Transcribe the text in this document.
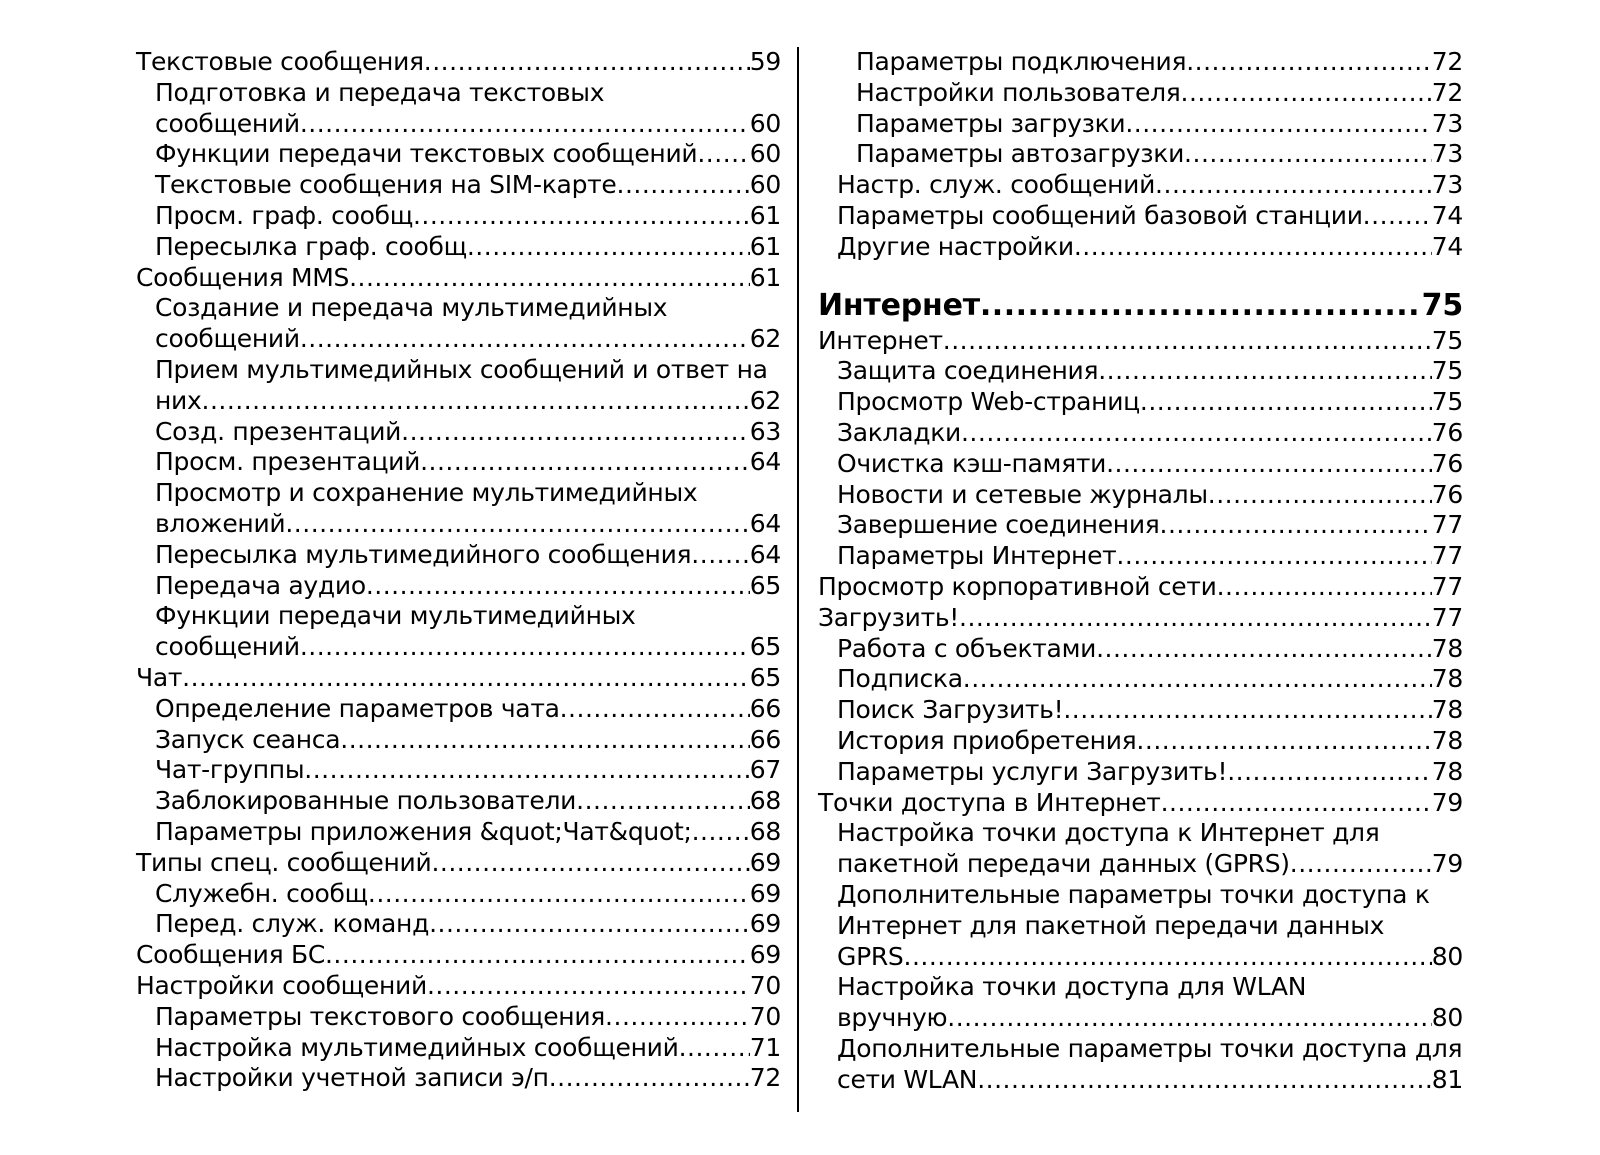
Текстовые сообщения .....	59
Подготовка и передача текстовых
сообщений .....	60
Функции передачи текстовых сообщений ..... 60
Текстовые сообщения на SIM-карте .....	60
Просм. граф. сообщ .....	61
Пересылка граф. сообщ .....	61
Сообщения MMS .....	61
Создание и передача мультимедийных
сообщений .....	62
Прием мультимедийных сообщений и ответ на
них .....	62
Созд. презентаций .....	63
Просм. презентаций .....	64
Просмотр и сохранение мультимедийных
вложений .....	64
Пересылка мультимедийного сообщения ..... 64
Передача аудио .....	65
Функции передачи мультимедийных
сообщений .....	65
Чат .....	65
Определение параметров чата .....	66
Запуск сеанса .....	66
Чат-группы .....	67
Заблокированные пользователи .....	68
Параметры приложения &quot;Чат&quot; ..... 68
Типы спец. сообщений .....	69
Служебн. сообщ .....	69
Перед. служ. команд .....	69
Сообщения БС .....	69
Настройки сообщений .....	70
Параметры текстового сообщения .....	70
Настройка мультимедийных сообщений .....	71
Настройки учетной записи э/п .....	72
Параметры подключения .....	72
Настройки пользователя .....	72
Параметры загрузки .....	73
Параметры автозагрузки .....	73
Настр. служ. сообщений .....	73
Параметры сообщений базовой станции .....	74
Другие настройки .....	74
Интернет .....	75
Интернет .....	75
Защита соединения .....	75
Просмотр Web-страниц .....	75
Закладки .....	76
Очистка кэш-памяти .....	76
Новости и сетевые журналы .....	76
Завершение соединения .....	77
Параметры Интернет .....	77
Просмотр корпоративной сети .....	77
Загрузить! .....	77
Работа с объектами .....	78
Подписка .....	78
Поиск Загрузить! .....	78
История приобретения .....	78
Параметры услуги Загрузить! .....	78
Точки доступа в Интернет .....	79
Настройка точки доступа к Интернет для
пакетной передачи данных (GPRS) .....	79
Дополнительные параметры точки доступа к
Интернет для пакетной передачи данных
GPRS .....	80
Настройка точки доступа для WLAN
вручную .....	80
Дополнительные параметры точки доступа для
сети WLAN .....	81
